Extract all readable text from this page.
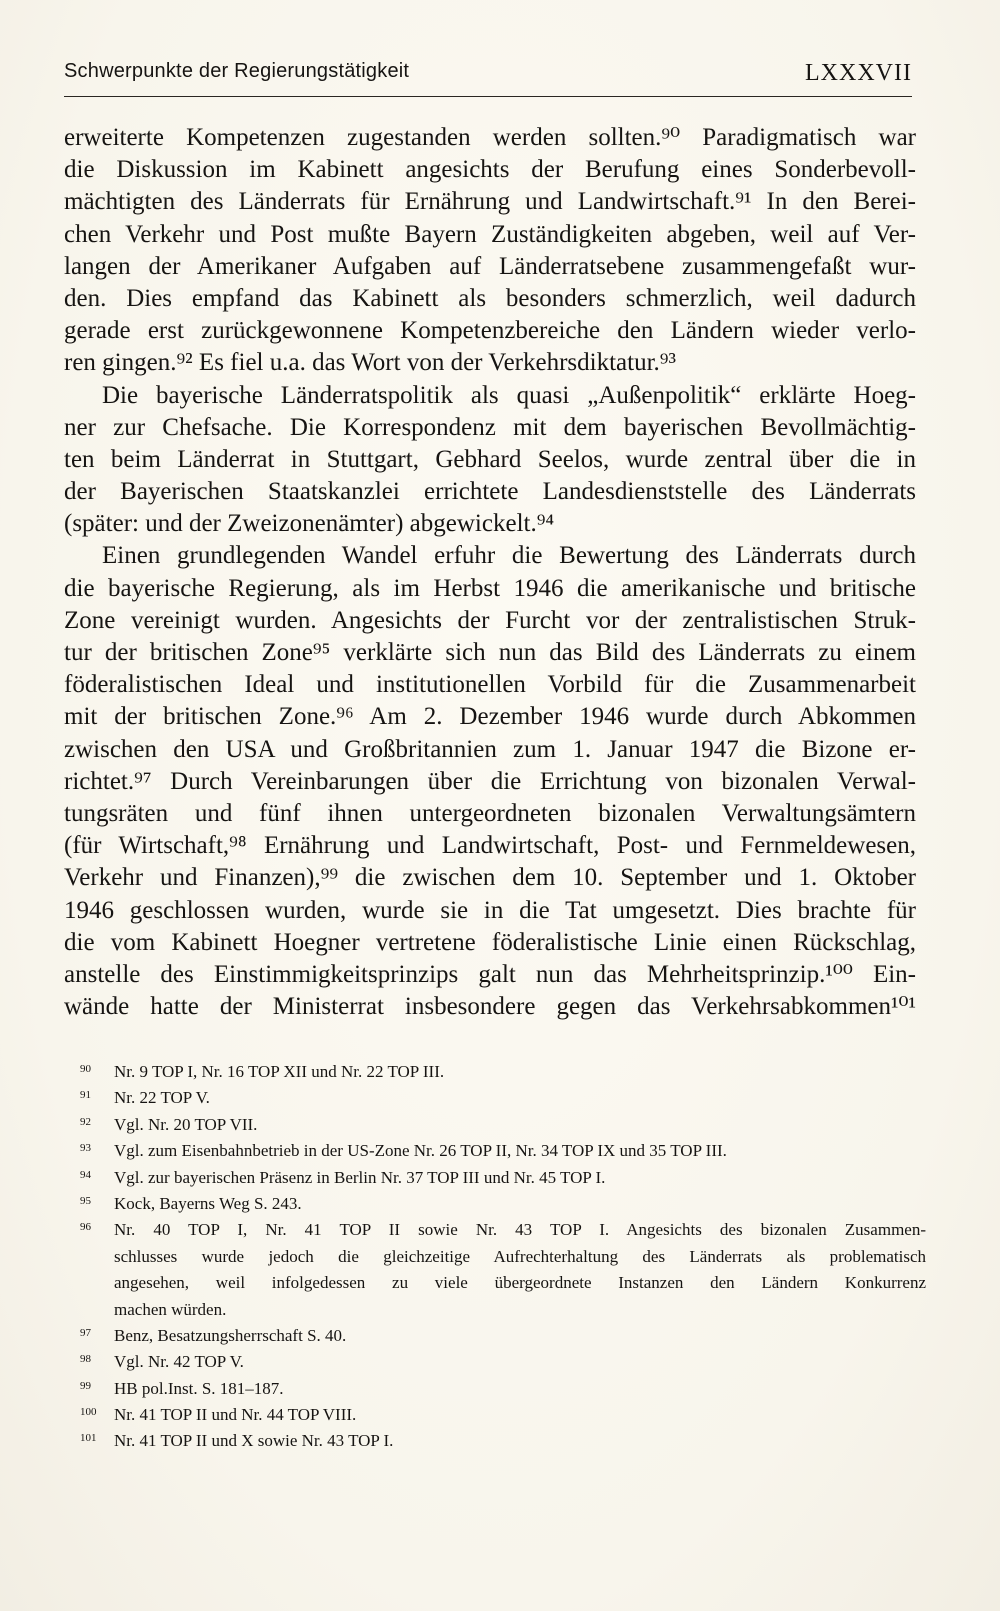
Schwerpunkte der Regierungstätigkeit	LXXXVII
erweiterte Kompetenzen zugestanden werden sollten.⁹⁰ Paradigmatisch war
die Diskussion im Kabinett angesichts der Berufung eines Sonderbevoll-
mächtigten des Länderrats für Ernährung und Landwirtschaft.⁹¹ In den Berei-
chen Verkehr und Post mußte Bayern Zuständigkeiten abgeben, weil auf Ver-
langen der Amerikaner Aufgaben auf Länderratsebene zusammengefaßt wur-
den. Dies empfand das Kabinett als besonders schmerzlich, weil dadurch
gerade erst zurückgewonnene Kompetenzbereiche den Ländern wieder verlo-
ren gingen.⁹² Es fiel u.a. das Wort von der Verkehrsdiktatur.⁹³
Die bayerische Länderratspolitik als quasi „Außenpolitik“ erklärte Hoeg-
ner zur Chefsache. Die Korrespondenz mit dem bayerischen Bevollmächtig-
ten beim Länderrat in Stuttgart, Gebhard Seelos, wurde zentral über die in
der Bayerischen Staatskanzlei errichtete Landesdienststelle des Länderrats
(später: und der Zweizonenämter) abgewickelt.⁹⁴
Einen grundlegenden Wandel erfuhr die Bewertung des Länderrats durch
die bayerische Regierung, als im Herbst 1946 die amerikanische und britische
Zone vereinigt wurden. Angesichts der Furcht vor der zentralistischen Struk-
tur der britischen Zone⁹⁵ verklärte sich nun das Bild des Länderrats zu einem
föderalistischen Ideal und institutionellen Vorbild für die Zusammenarbeit
mit der britischen Zone.⁹⁶ Am 2. Dezember 1946 wurde durch Abkommen
zwischen den USA und Großbritannien zum 1. Januar 1947 die Bizone er-
richtet.⁹⁷ Durch Vereinbarungen über die Errichtung von bizonalen Verwal-
tungsräten und fünf ihnen untergeordneten bizonalen Verwaltungsämtern
(für Wirtschaft,⁹⁸ Ernährung und Landwirtschaft, Post- und Fernmeldewesen,
Verkehr und Finanzen),⁹⁹ die zwischen dem 10. September und 1. Oktober
1946 geschlossen wurden, wurde sie in die Tat umgesetzt. Dies brachte für
die vom Kabinett Hoegner vertretene föderalistische Linie einen Rückschlag,
anstelle des Einstimmigkeitsprinzips galt nun das Mehrheitsprinzip.¹⁰⁰ Ein-
wände hatte der Ministerrat insbesondere gegen das Verkehrsabkommen¹⁰¹
90 Nr. 9 TOP I, Nr. 16 TOP XII und Nr. 22 TOP III.
91 Nr. 22 TOP V.
92 Vgl. Nr. 20 TOP VII.
93 Vgl. zum Eisenbahnbetrieb in der US-Zone Nr. 26 TOP II, Nr. 34 TOP IX und 35 TOP III.
94 Vgl. zur bayerischen Präsenz in Berlin Nr. 37 TOP III und Nr. 45 TOP I.
95 Kock, Bayerns Weg S. 243.
96 Nr. 40 TOP I, Nr. 41 TOP II sowie Nr. 43 TOP I. Angesichts des bizonalen Zusammen-
schlusses wurde jedoch die gleichzeitige Aufrechterhaltung des Länderrats als problematisch
angesehen, weil infolgedessen zu viele übergeordnete Instanzen den Ländern Konkurrenz
machen würden.
97 Benz, Besatzungsherrschaft S. 40.
98 Vgl. Nr. 42 TOP V.
99 HB pol.Inst. S. 181–187.
100 Nr. 41 TOP II und Nr. 44 TOP VIII.
101 Nr. 41 TOP II und X sowie Nr. 43 TOP I.
